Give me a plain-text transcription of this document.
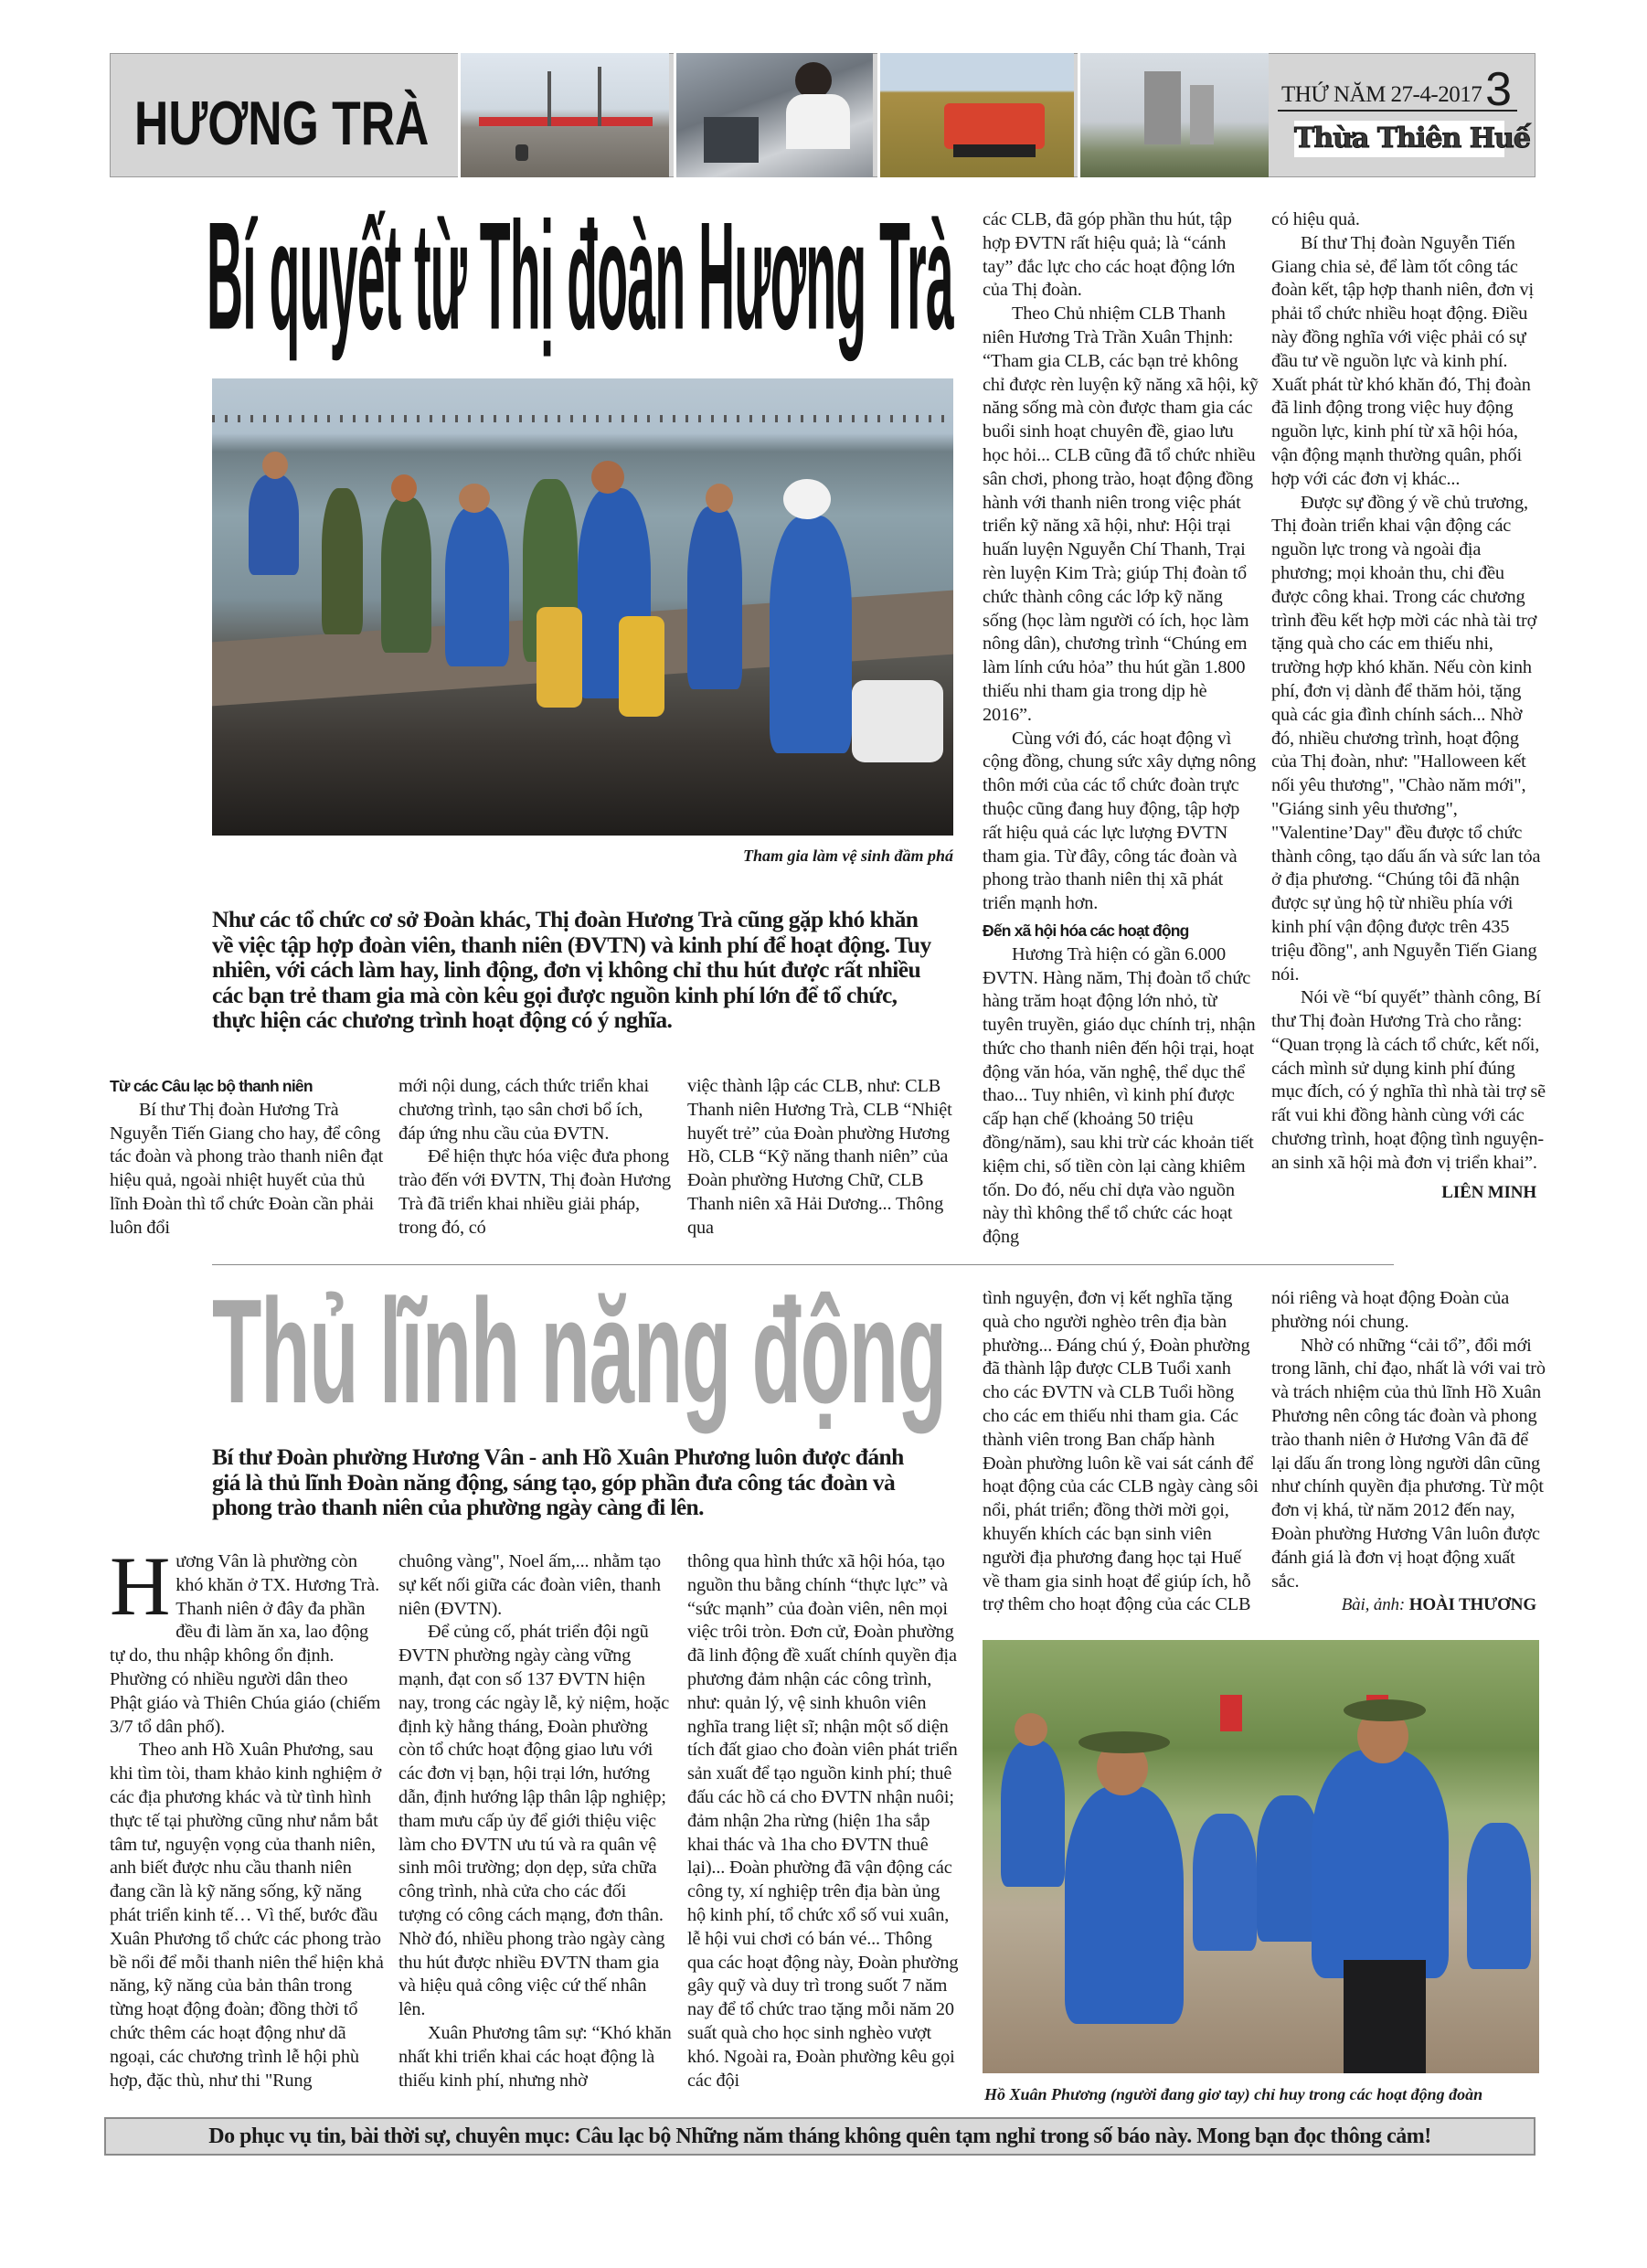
HƯƠNG TRÀ	THỨ NĂM 27-4-2017 3
Thừa Thiên Huế
Bí quyết từ Thị đoàn Hương Trà
Tham gia làm vệ sinh đầm phá
Như các tổ chức cơ sở Đoàn khác, Thị đoàn Hương Trà cũng gặp khó khăn về việc tập hợp đoàn viên, thanh niên (ĐVTN) và kinh phí để hoạt động. Tuy nhiên, với cách làm hay, linh động, đơn vị không chỉ thu hút được rất nhiều các bạn trẻ tham gia mà còn kêu gọi được nguồn kinh phí lớn để tổ chức, thực hiện các chương trình hoạt động có ý nghĩa.
Từ các Câu lạc bộ thanh niên

Bí thư Thị đoàn Hương Trà Nguyễn Tiến Giang cho hay, để công tác đoàn và phong trào thanh niên đạt hiệu quả, ngoài nhiệt huyết của thủ lĩnh Đoàn thì tổ chức Đoàn cần phải luôn đổi

mới nội dung, cách thức triển khai chương trình, tạo sân chơi bổ ích, đáp ứng nhu cầu của ĐVTN.

Để hiện thực hóa việc đưa phong trào đến với ĐVTN, Thị đoàn Hương Trà đã triển khai nhiều giải pháp, trong đó, có

việc thành lập các CLB, như: CLB Thanh niên Hương Trà, CLB “Nhiệt huyết trẻ” của Đoàn phường Hương Hồ, CLB “Kỹ năng thanh niên” của Đoàn phường Hương Chữ, CLB Thanh niên xã Hải Dương... Thông qua

các CLB, đã góp phần thu hút, tập hợp ĐVTN rất hiệu quả; là “cánh tay” đắc lực cho các hoạt động lớn của Thị đoàn.

Theo Chủ nhiệm CLB Thanh niên Hương Trà Trần Xuân Thịnh: “Tham gia CLB, các bạn trẻ không chỉ được rèn luyện kỹ năng xã hội, kỹ năng sống mà còn được tham gia các buổi sinh hoạt chuyên đề, giao lưu học hỏi... CLB cũng đã tổ chức nhiều sân chơi, phong trào, hoạt động đồng hành với thanh niên trong việc phát triển kỹ năng xã hội, như: Hội trại huấn luyện Nguyễn Chí Thanh, Trại rèn luyện Kim Trà; giúp Thị đoàn tổ chức thành công các lớp kỹ năng sống (học làm người có ích, học làm nông dân), chương trình “Chúng em làm lính cứu hỏa” thu hút gần 1.800 thiếu nhi tham gia trong dịp hè 2016”.

Cùng với đó, các hoạt động vì cộng đồng, chung sức xây dựng nông thôn mới của các tổ chức đoàn trực thuộc cũng đang huy động, tập hợp rất hiệu quả các lực lượng ĐVTN tham gia. Từ đây, công tác đoàn và phong trào thanh niên thị xã phát triển mạnh hơn.

Đến xã hội hóa các hoạt động

Hương Trà hiện có gần 6.000 ĐVTN. Hàng năm, Thị đoàn tổ chức hàng trăm hoạt động lớn nhỏ, từ tuyên truyền, giáo dục chính trị, nhận thức cho thanh niên đến hội trại, hoạt động văn hóa, văn nghệ, thể dục thể thao... Tuy nhiên, vì kinh phí được cấp hạn chế (khoảng 50 triệu đồng/năm), sau khi trừ các khoản tiết kiệm chi, số tiền còn lại càng khiêm tốn. Do đó, nếu chỉ dựa vào nguồn này thì không thể tổ chức các hoạt động

có hiệu quả.

Bí thư Thị đoàn Nguyễn Tiến Giang chia sẻ, để làm tốt công tác đoàn kết, tập hợp thanh niên, đơn vị phải tổ chức nhiều hoạt động. Điều này đồng nghĩa với việc phải có sự đầu tư về nguồn lực và kinh phí. Xuất phát từ khó khăn đó, Thị đoàn đã linh động trong việc huy động nguồn lực, kinh phí từ xã hội hóa, vận động mạnh thường quân, phối hợp với các đơn vị khác...

Được sự đồng ý về chủ trương, Thị đoàn triển khai vận động các nguồn lực trong và ngoài địa phương; mọi khoản thu, chi đều được công khai. Trong các chương trình đều kết hợp mời các nhà tài trợ tặng quà cho các em thiếu nhi, trường hợp khó khăn. Nếu còn kinh phí, đơn vị dành để thăm hỏi, tặng quà các gia đình chính sách... Nhờ đó, nhiều chương trình, hoạt động của Thị đoàn, như: "Halloween kết nối yêu thương", "Chào năm mới", "Giáng sinh yêu thương", "Valentine’Day" đều được tổ chức thành công, tạo dấu ấn và sức lan tỏa ở địa phương. “Chúng tôi đã nhận được sự ủng hộ từ nhiều phía với kinh phí vận động được trên 435 triệu đồng", anh Nguyễn Tiến Giang nói.

Nói về “bí quyết” thành công, Bí thư Thị đoàn Hương Trà cho rằng: “Quan trọng là cách tổ chức, kết nối, cách mình sử dụng kinh phí đúng mục đích, có ý nghĩa thì nhà tài trợ sẽ rất vui khi đồng hành cùng với các chương trình, hoạt động tình nguyện-an sinh xã hội mà đơn vị triển khai”.

LIÊN MINH
Thủ lĩnh năng động
Bí thư Đoàn phường Hương Vân - anh Hồ Xuân Phương luôn được đánh giá là thủ lĩnh Đoàn năng động, sáng tạo, góp phần đưa công tác đoàn và phong trào thanh niên của phường ngày càng đi lên.

Hương Vân là phường còn khó khăn ở TX. Hương Trà. Thanh niên ở đây đa phần đều đi làm ăn xa, lao động tự do, thu nhập không ổn định. Phường có nhiều người dân theo Phật giáo và Thiên Chúa giáo (chiếm 3/7 tổ dân phố).

Theo anh Hồ Xuân Phương, sau khi tìm tòi, tham khảo kinh nghiệm ở các địa phương khác và từ tình hình thực tế tại phường cũng như nắm bắt tâm tư, nguyện vọng của thanh niên, anh biết được nhu cầu thanh niên đang cần là kỹ năng sống, kỹ năng phát triển kinh tế… Vì thế, bước đầu Xuân Phương tổ chức các phong trào bề nổi để mỗi thanh niên thể hiện khả năng, kỹ năng của bản thân trong từng hoạt động đoàn; đồng thời tổ chức thêm các hoạt động như dã ngoại, các chương trình lễ hội phù hợp, đặc thù, như thi "Rung

chuông vàng", Noel ấm,... nhằm tạo sự kết nối giữa các đoàn viên, thanh niên (ĐVTN).

Để củng cố, phát triển đội ngũ ĐVTN phường ngày càng vững mạnh, đạt con số 137 ĐVTN hiện nay, trong các ngày lễ, kỷ niệm, hoặc định kỳ hằng tháng, Đoàn phường còn tổ chức hoạt động giao lưu với các đơn vị bạn, hội trại lớn, hướng dẫn, định hướng lập thân lập nghiệp; tham mưu cấp ủy để giới thiệu việc làm cho ĐVTN ưu tú và ra quân vệ sinh môi trường; dọn dẹp, sửa chữa công trình, nhà cửa cho các đối tượng có công cách mạng, đơn thân. Nhờ đó, nhiều phong trào ngày càng thu hút được nhiều ĐVTN tham gia và hiệu quả công việc cứ thế nhân lên.

Xuân Phương tâm sự: “Khó khăn nhất khi triển khai các hoạt động là thiếu kinh phí, nhưng nhờ

thông qua hình thức xã hội hóa, tạo nguồn thu bằng chính “thực lực” và “sức mạnh” của đoàn viên, nên mọi việc trôi tròn. Đơn cử, Đoàn phường đã linh động đề xuất chính quyền địa phương đảm nhận các công trình, như: quản lý, vệ sinh khuôn viên nghĩa trang liệt sĩ; nhận một số diện tích đất giao cho đoàn viên phát triển sản xuất để tạo nguồn kinh phí; thuê đấu các hồ cá cho ĐVTN nhận nuôi; đảm nhận 2ha rừng (hiện 1ha sắp khai thác và 1ha cho ĐVTN thuê lại)... Đoàn phường đã vận động các công ty, xí nghiệp trên địa bàn ủng hộ kinh phí, tổ chức xổ số vui xuân, lễ hội vui chơi có bán vé... Thông qua các hoạt động này, Đoàn phường gây quỹ và duy trì trong suốt 7 năm nay để tổ chức trao tặng mỗi năm 20 suất quà cho học sinh nghèo vượt khó. Ngoài ra, Đoàn phường kêu gọi các đội

tình nguyện, đơn vị kết nghĩa tặng quà cho người nghèo trên địa bàn phường... Đáng chú ý, Đoàn phường đã thành lập được CLB Tuổi xanh cho các ĐVTN và CLB Tuổi hồng cho các em thiếu nhi tham gia. Các thành viên trong Ban chấp hành Đoàn phường luôn kề vai sát cánh để hoạt động của các CLB ngày càng sôi nổi, phát triển; đồng thời mời gọi, khuyến khích các bạn sinh viên người địa phương đang học tại Huế về tham gia sinh hoạt để giúp ích, hỗ trợ thêm cho hoạt động của các CLB

nói riêng và hoạt động Đoàn của phường nói chung.

Nhờ có những “cải tổ”, đổi mới trong lãnh, chỉ đạo, nhất là với vai trò và trách nhiệm của thủ lĩnh Hồ Xuân Phương nên công tác đoàn và phong trào thanh niên ở Hương Vân đã để lại dấu ấn trong lòng người dân cũng như chính quyền địa phương. Từ một đơn vị khá, từ năm 2012 đến nay, Đoàn phường Hương Vân luôn được đánh giá là đơn vị hoạt động xuất sắc.

Bài, ảnh: HOÀI THƯƠNG
Hồ Xuân Phương (người đang giơ tay) chỉ huy trong các hoạt động đoàn
Do phục vụ tin, bài thời sự, chuyên mục: Câu lạc bộ Những năm tháng không quên tạm nghỉ trong số báo này. Mong bạn đọc thông cảm!
